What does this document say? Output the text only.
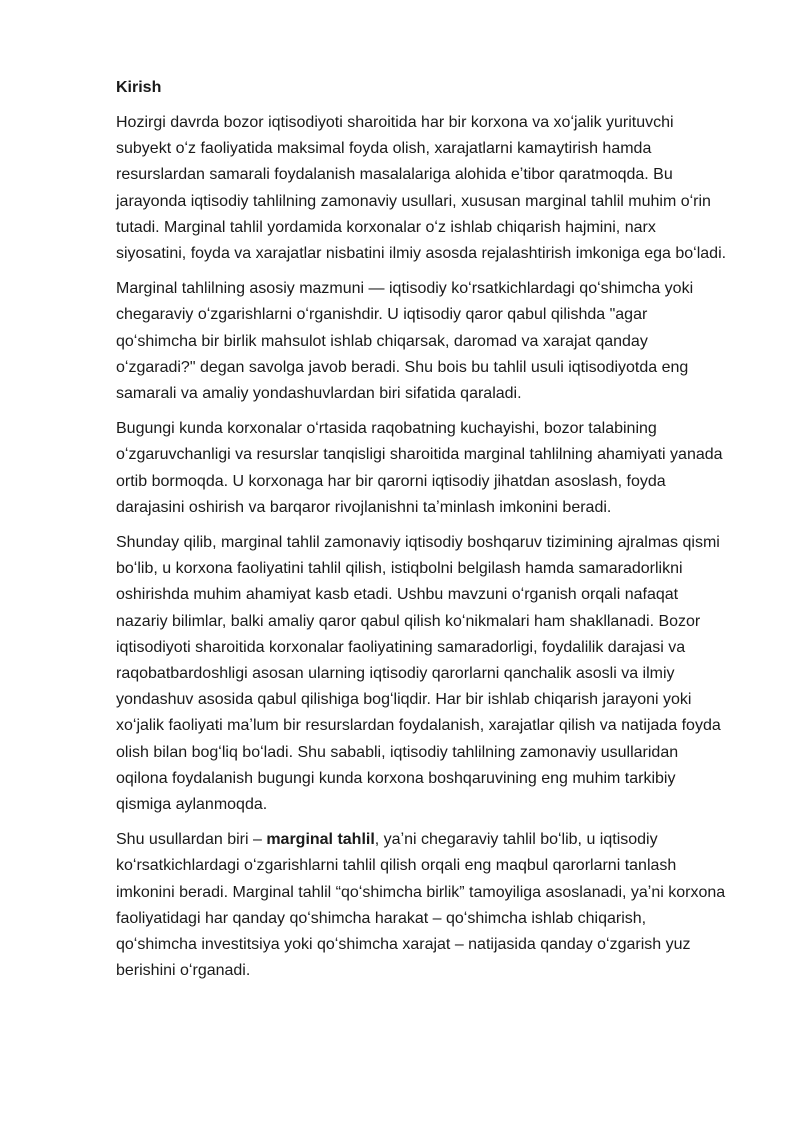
Kirish

Hozirgi davrda bozor iqtisodiyoti sharoitida har bir korxona va xoʻjalik yurituvchi subyekt oʻz faoliyatida maksimal foyda olish, xarajatlarni kamaytirish hamda resurslardan samarali foydalanish masalalariga alohida eʼtibor qaratmoqda. Bu jarayonda iqtisodiy tahlilning zamonaviy usullari, xususan marginal tahlil muhim oʻrin tutadi. Marginal tahlil yordamida korxonalar oʻz ishlab chiqarish hajmini, narx siyosatini, foyda va xarajatlar nisbatini ilmiy asosda rejalashtirish imkoniga ega boʻladi.

Marginal tahlilning asosiy mazmuni — iqtisodiy koʻrsatkichlardagi qoʻshimcha yoki chegaraviy oʻzgarishlarni oʻrganishdir. U iqtisodiy qaror qabul qilishda "agar qoʻshimcha bir birlik mahsulot ishlab chiqarsak, daromad va xarajat qanday oʻzgaradi?" degan savolga javob beradi. Shu bois bu tahlil usuli iqtisodiyotda eng samarali va amaliy yondashuvlardan biri sifatida qaraladi.

Bugungi kunda korxonalar oʻrtasida raqobatning kuchayishi, bozor talabining oʻzgaruvchanligi va resurslar tanqisligi sharoitida marginal tahlilning ahamiyati yanada ortib bormoqda. U korxonaga har bir qarorni iqtisodiy jihatdan asoslash, foyda darajasini oshirish va barqaror rivojlanishni taʼminlash imkonini beradi.

Shunday qilib, marginal tahlil zamonaviy iqtisodiy boshqaruv tizimining ajralmas qismi boʻlib, u korxona faoliyatini tahlil qilish, istiqbolni belgilash hamda samaradorlikni oshirishda muhim ahamiyat kasb etadi. Ushbu mavzuni oʻrganish orqali nafaqat nazariy bilimlar, balki amaliy qaror qabul qilish koʻnikmalari ham shakllanadi. Bozor iqtisodiyoti sharoitida korxonalar faoliyatining samaradorligi, foydalilik darajasi va raqobatbardoshligi asosan ularning iqtisodiy qarorlarni qanchalik asosli va ilmiy yondashuv asosida qabul qilishiga bogʻliqdir. Har bir ishlab chiqarish jarayoni yoki xoʻjalik faoliyati maʼlum bir resurslardan foydalanish, xarajatlar qilish va natijada foyda olish bilan bogʻliq boʻladi. Shu sababli, iqtisodiy tahlilning zamonaviy usullaridan oqilona foydalanish bugungi kunda korxona boshqaruvining eng muhim tarkibiy qismiga aylanmoqda.

Shu usullardan biri – marginal tahlil, yaʼni chegaraviy tahlil boʻlib, u iqtisodiy koʻrsatkichlardagi oʻzgarishlarni tahlil qilish orqali eng maqbul qarorlarni tanlash imkonini beradi. Marginal tahlil “qoʻshimcha birlik” tamoyiliga asoslanadi, yaʼni korxona faoliyatidagi har qanday qoʻshimcha harakat – qoʻshimcha ishlab chiqarish, qoʻshimcha investitsiya yoki qoʻshimcha xarajat – natijasida qanday oʻzgarish yuz berishini oʻrganadi.
